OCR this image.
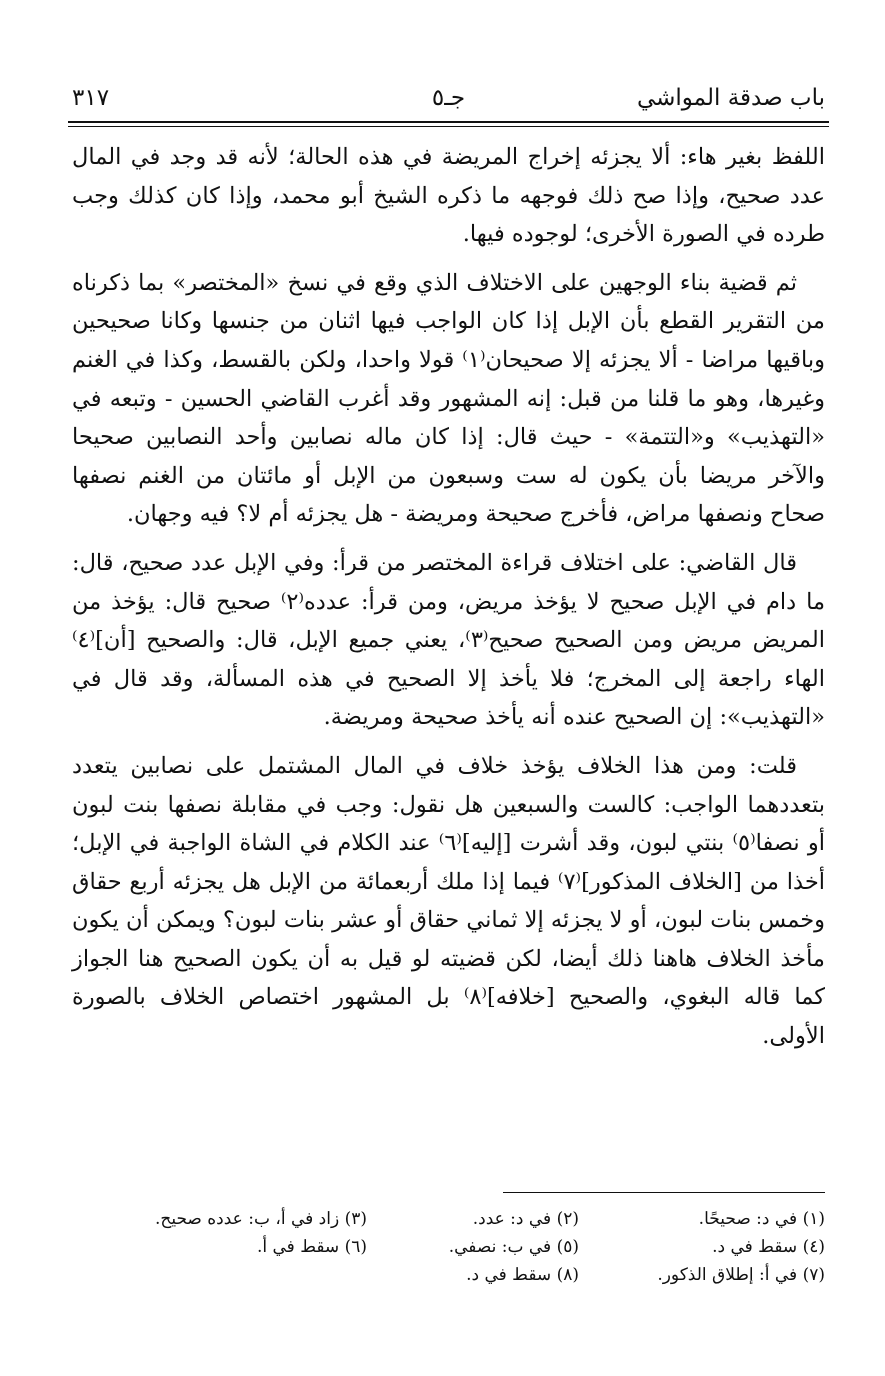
باب صدقة المواشي
جـ٥
٣١٧

اللفظ بغير هاء: ألا يجزئه إخراج المريضة في هذه الحالة؛ لأنه قد وجد في المال عدد صحيح، وإذا صح ذلك فوجهه ما ذكره الشيخ أبو محمد، وإذا كان كذلك وجب طرده في الصورة الأخرى؛ لوجوده فيها.

ثم قضية بناء الوجهين على الاختلاف الذي وقع في نسخ «المختصر» بما ذكرناه من التقرير القطع بأن الإبل إذا كان الواجب فيها اثنان من جنسها وكانا صحيحين وباقيها مراضا - ألا يجزئه إلا صحيحان⁽١⁾ قولا واحدا، ولكن بالقسط، وكذا في الغنم وغيرها، وهو ما قلنا من قبل: إنه المشهور وقد أغرب القاضي الحسين - وتبعه في «التهذيب» و«التتمة» - حيث قال: إذا كان ماله نصابين وأحد النصابين صحيحا والآخر مريضا بأن يكون له ست وسبعون من الإبل أو مائتان من الغنم نصفها صحاح ونصفها مراض، فأخرج صحيحة ومريضة - هل يجزئه أم لا؟ فيه وجهان.

قال القاضي: على اختلاف قراءة المختصر من قرأ: وفي الإبل عدد صحيح، قال: ما دام في الإبل صحيح لا يؤخذ مريض، ومن قرأ: عدده⁽٢⁾ صحيح قال: يؤخذ من المريض مريض ومن الصحيح صحيح⁽٣⁾، يعني جميع الإبل، قال: والصحيح [أن]⁽٤⁾ الهاء راجعة إلى المخرج؛ فلا يأخذ إلا الصحيح في هذه المسألة، وقد قال في «التهذيب»: إن الصحيح عنده أنه يأخذ صحيحة ومريضة.

قلت: ومن هذا الخلاف يؤخذ خلاف في المال المشتمل على نصابين يتعدد بتعددهما الواجب: كالست والسبعين هل نقول: وجب في مقابلة نصفها بنت لبون أو نصفا⁽٥⁾ بنتي لبون، وقد أشرت [إليه]⁽٦⁾ عند الكلام في الشاة الواجبة في الإبل؛ أخذا من [الخلاف المذكور]⁽٧⁾ فيما إذا ملك أربعمائة من الإبل هل يجزئه أربع حقاق وخمس بنات لبون، أو لا يجزئه إلا ثماني حقاق أو عشر بنات لبون؟ ويمكن أن يكون مأخذ الخلاف هاهنا ذلك أيضا، لكن قضيته لو قيل به أن يكون الصحيح هنا الجواز كما قاله البغوي، والصحيح [خلافه]⁽٨⁾ بل المشهور اختصاص الخلاف بالصورة الأولى.

(١) في د: صحيحًا.
(٢) في د: عدد.
(٣) زاد في أ، ب: عدده صحيح.
(٤) سقط في د.
(٥) في ب: نصفي.
(٦) سقط في أ.
(٧) في أ: إطلاق الذكور.
(٨) سقط في د.
